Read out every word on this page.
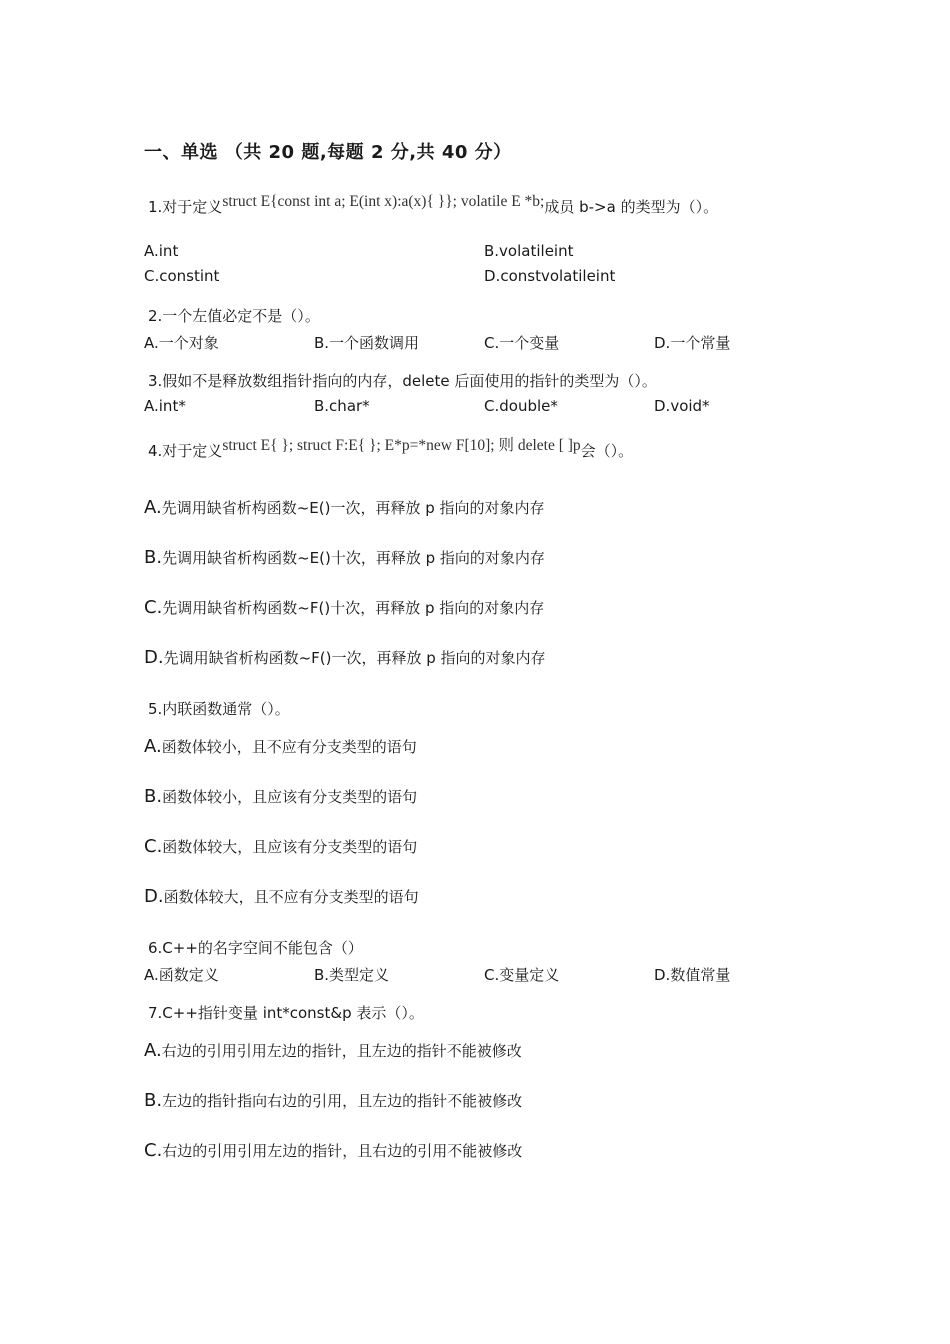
一、单选 （共 20 题,每题 2 分,共 40 分）
1.对于定义struct E{const int a; E(int x):a(x){ }}; volatile E *b;成员 b->a 的类型为（）。
A.int	B.volatileint
C.constint	D.constvolatileint
2.一个左值必定不是（）。
A.一个对象	B.一个函数调用	C.一个变量	D.一个常量
3.假如不是释放数组指针指向的内存，delete 后面使用的指针的类型为（）。
A.int*	B.char*	C.double*	D.void*
4.对于定义struct E{ }; struct F:E{ }; E*p=*new F[10]; 则 delete [ ]p会（）。
A.先调用缺省析构函数~E()一次，再释放 p 指向的对象内存
B.先调用缺省析构函数~E()十次，再释放 p 指向的对象内存
C.先调用缺省析构函数~F()十次，再释放 p 指向的对象内存
D.先调用缺省析构函数~F()一次，再释放 p 指向的对象内存
5.内联函数通常（）。
A.函数体较小，且不应有分支类型的语句
B.函数体较小，且应该有分支类型的语句
C.函数体较大，且应该有分支类型的语句
D.函数体较大，且不应有分支类型的语句
6.C++的名字空间不能包含（）
A.函数定义	B.类型定义	C.变量定义	D.数值常量
7.C++指针变量 int*const&p 表示（）。
A.右边的引用引用左边的指针，且左边的指针不能被修改
B.左边的指针指向右边的引用，且左边的指针不能被修改
C.右边的引用引用左边的指针，且右边的引用不能被修改
